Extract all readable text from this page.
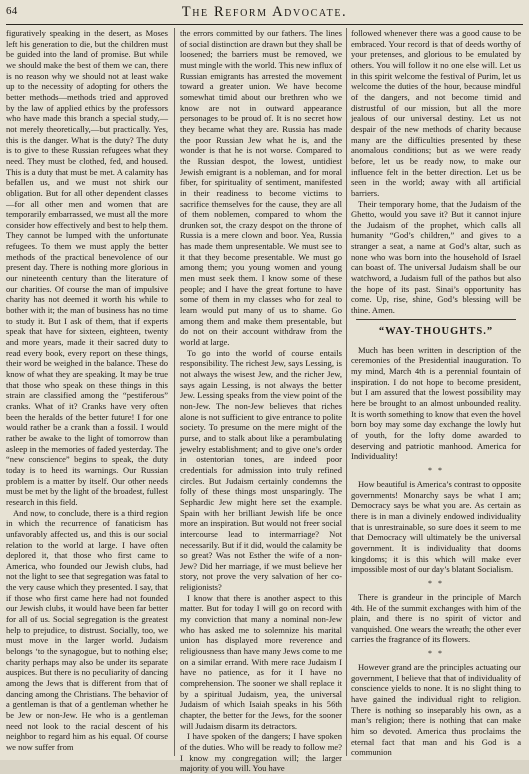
64	The Reform Advocate.

figuratively speaking in the desert, as Moses left his generation to die, but the children must be guided into the land of promise. But while we should make the best of them we can, there is no reason why we should not at least wake up to the necessity of adopting for others the better methods—methods tried and approved by the law of applied ethics by the professors who have made this branch a special study,—not merely theoretically,—but practically. Yes, this is the danger. What is the duty? The duty is to give to these Russian refugees what they need. They must be clothed, fed, and housed. This is a duty that must be met. A calamity has befallen us, and we must not shirk our obligation. But for all other dependent classes—for all other men and women that are temporarily embarrassed, we must all the more consider how effectively and best to help them. They cannot be lumped with the unfortunate refugees. To them we must apply the better methods of the practical benevolence of our present day. There is nothing more glorious in our nineteenth century than the literature of our charities. Of course the man of impulsive charity has not deemed it worth his while to bother with it; the man of business has no time to study it. But I ask of them, that if experts speak that have for sixteen, eighteen, twenty and more years, made it their sacred duty to read every book, every report on these things, their word be weighed in the balance. These do know of what they are speaking. It may be true that those who speak on these things in this strain are classified among the “pestiferous” cranks. What of it? Cranks have very often been the heralds of the better future! I for one would rather be a crank than a fossil. I would rather be awake to the light of tomorrow than asleep in the memories of faded yesterday. The “new conscience” begins to speak, the duty today is to heed its warnings. Our Russian problem is a matter by itself. Our other needs must be met by the light of the broadest, fullest research in this field.

And now, to conclude, there is a third region in which the recurrence of fanaticism has unfavorably affected us, and this is our social relation to the world at large. I have often deplored it, that those who first came to America, who founded our Jewish clubs, had not the light to see that segregation was fatal to the very cause which they presented. I say, that if those who first came here had not founded our Jewish clubs, it would have been far better for all of us. Social segregation is the greatest help to prejudice, to distrust. Socially, too, we must move in the larger world. Judaism belongs ‘to the synagogue, but to nothing else; charity perhaps may also be under its separate auspices. But there is no peculiarity of dancing among the Jews that is different from that of dancing among the Christians. The behavior of a gentleman is that of a gentleman whether he be Jew or non-Jew. He who is a gentleman need not look to the racial descent of his neighbor to regard him as his equal. Of course we now suffer from

the errors committed by our fathers. The lines of social distinction are drawn but they shall be loosened; the barriers must be removed, we must mingle with the world. This new influx of Russian emigrants has arrested the movement toward a greater union. We have become somewhat timid about our brethren who we know are not in outward appearance personages to be proud of. It is no secret how they became what they are. Russia has made the poor Russian Jew what he is, and the wonder is that he is not worse. Compared to the Russian despot, the lowest, untidiest Jewish emigrant is a nobleman, and for moral fiber, for spirituality of sentiment, manifested in their readiness to become victims to sacrifice themselves for the cause, they are all of them noblemen, compared to whom the drunken sot, the crazy despot on the throne of Russia is a mere clown and boor. Yea, Russia has made them unpresentable. We must see to it that they become presentable. We must go among them; you young women and young men must seek them. I know some of these people; and I have the great fortune to have some of them in my classes who for zeal to learn would put many of us to shame. Go among them and make them presentable, but do not on their account withdraw from the world at large.

To go into the world of course entails responsibility. The richest Jew, says Lessing, is not always the wisest Jew, and the richer Jew, says again Lessing, is not always the better Jew. Lessing speaks from the view point of the non-Jew. The non-Jew believes that riches alone is not sufficient to give entrance to polite society. To presume on the mere might of the purse, and to stalk about like a perambulating jewelry establishment; and to give one’s order in ostentorian tones, are indeed poor credentials for admission into truly refined circles. But Judaism certainly condemns the folly of these things most unsparingly. The Sephardic Jew might here set the example. Spain with her brilliant Jewish life be once more an inspiration. But would not freer social intercourse lead to intermarriage? Not necessarily. But if it did, would the calamity be so great? Was not Esther the wife of a non-Jew? Did her marriage, if we must believe her story, not prove the very salvation of her co-religionists?

I know that there is another aspect to this matter. But for today I will go on record with my conviction that many a nominal non-Jew who has asked me to solemnize his marital union has displayed more reverence and religiousness than have many Jews come to me on a similar errand. With mere race Judaism I have no patience, as for it I have no comprehension. The sooner we shall replace it by a spiritual Judaism, yea, the universal Judaism of which Isaiah speaks in his 56th chapter, the better for the Jews, for the sooner will Judaism disarm its detractors.

I have spoken of the dangers; I have spoken of the duties. Who will be ready to follow me? I know my congregation will; the larger majority of you will. You have

followed whenever there was a good cause to be embraced. Your record is that of deeds worthy of your pretenses, and glorious to be emulated by others. You will follow it no one else will. Let us in this spirit welcome the festival of Purim, let us welcome the duties of the hour, because mindful of the dangers, and not become timid and distrustful of our mission, but all the more jealous of our universal destiny. Let us not despair of the new methods of charity because many are the difficulties presented by these anomalous conditions; but as we were ready before, let us be ready now, to make our influence felt in the better direction. Let us be seen in the world; away with all artificial barriers.

Their temporary home, that the Judaism of the Ghetto, would you save it? But it cannot injure the Judaism of the prophet, which calls all humanity “God’s children,” and gives to a stranger a seat, a name at God’s altar, such as none who was born into the household of Israel can boast of. The universal Judaism shall be our watchword, a Judaism full of the pathos but also the hope of its past. Sinai’s opportunity has come. Up, rise, shine, God’s blessing will be thine. Amen.

“WAY-THOUGHTS.”

Much has been written in description of the ceremonies of the Presidential inauguration. To my mind, March 4th is a perennial fountain of inspiration. I do not hope to become president, but I am assured that the lowest possibility may here be brought to an almost unbounded reality. It is worth something to know that even the hovel born boy may some day exchange the lowly hut of youth, for the lofty dome awarded to deserving and patriotic manhood. America for Individuality!

* *

How beautiful is America’s contrast to opposite governments! Monarchy says be what I am; Democracy says be what you are. As certain as there is in man a divinely endowed individuality that is unrestrainable, so sure does it seem to me that Democracy will ultimately be the universal government. It is individuality that dooms kingdoms; it is this which will make ever impossible most of our day’s blatant Socialism.

* *

There is grandeur in the principle of March 4th. He of the summit exchanges with him of the plain, and there is no spirit of victor and vanquished. One wears the wreath; the other ever carries the fragrance of its flowers.

* *

However grand are the principles actuating our government, I believe that that of individuality of conscience yields to none. It is no slight thing to have gained the individual right to religion. There is nothing so inseparably his own, as a man’s religion; there is nothing that can make him so devoted. America thus proclaims the eternal fact that man and his God is a communion
